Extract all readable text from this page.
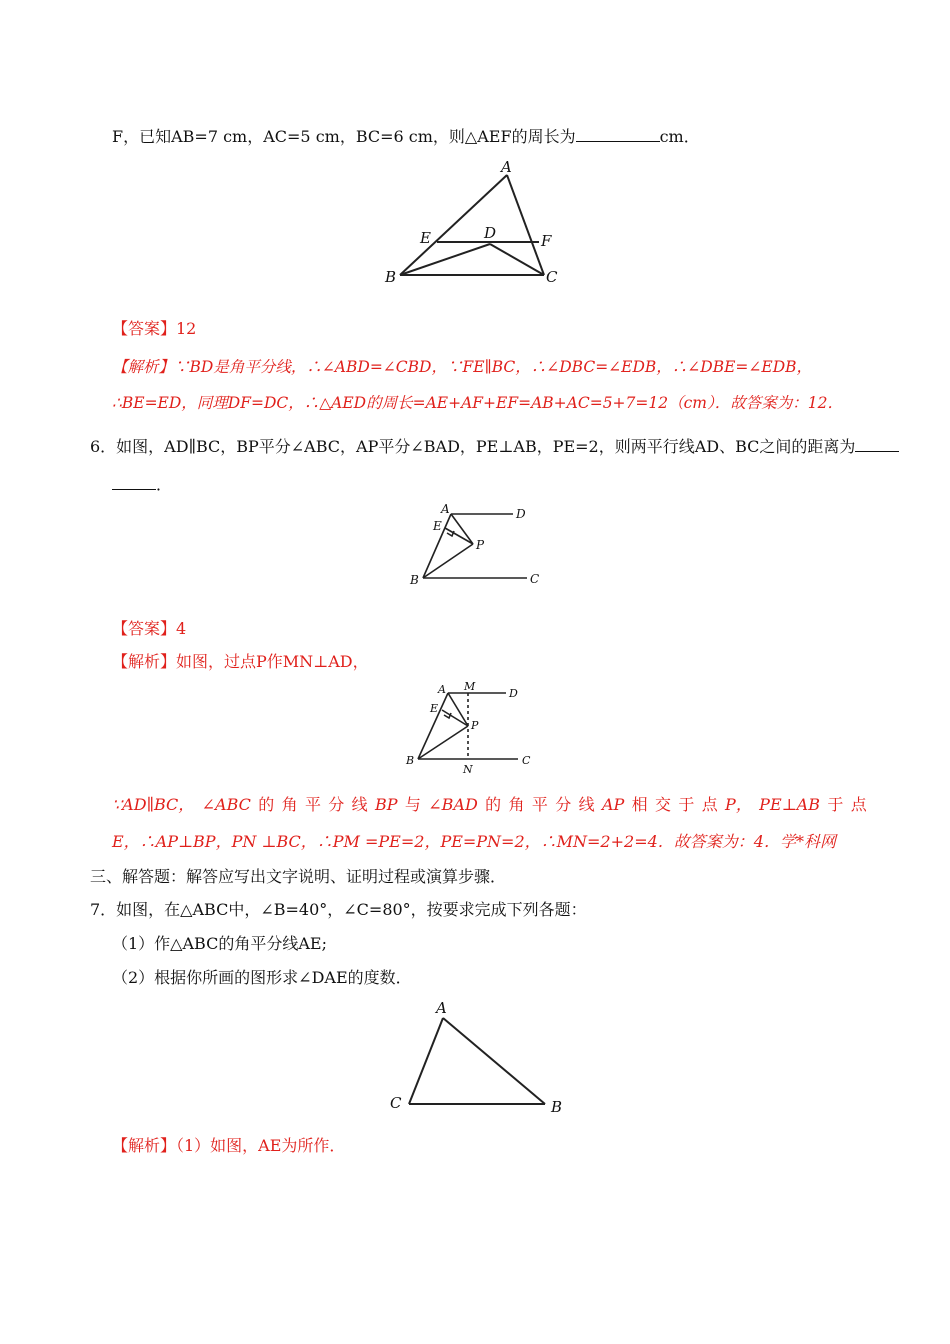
F，已知AB=7 cm，AC=5 cm，BC=6 cm，则△AEF的周长为	cm．
A
E	D	F
B	C
【答案】12
【解析】∵BD是角平分线，∴∠ABD=∠CBD，∵FE∥BC，∴∠DBC=∠EDB，∴∠DBE=∠EDB，
∴BE=ED，同理DF=DC，∴△AED的周长=AE+AF+EF=AB+AC=5+7=12（cm）．故答案为：12．
6．如图，AD∥BC，BP平分∠ABC，AP平分∠BAD，PE⊥AB，PE=2，则两平行线AD、BC之间的距离为
．
A
E
D
P
B	C
【答案】4
【解析】如图，过点P作MN⊥AD，
A M
D
E
P
B
N
C
∵AD∥BC， ∠ABC 的 角 平 分 线 BP 与 ∠BAD 的 角 平 分 线 AP 相 交 于 点 P， PE⊥AB 于 点
E，∴AP⊥BP，PN ⊥BC，∴PM =PE=2，PE=PN=2，∴MN=2+2=4．故答案为：4．学*科网
三、解答题：解答应写出文字说明、证明过程或演算步骤．
7．如图，在△ABC中，∠B=40°，∠C=80°，按要求完成下列各题：
（1）作△ABC的角平分线AE;
（2）根据你所画的图形求∠DAE的度数．
A
C	B
【解析】（1）如图，AE为所作．
